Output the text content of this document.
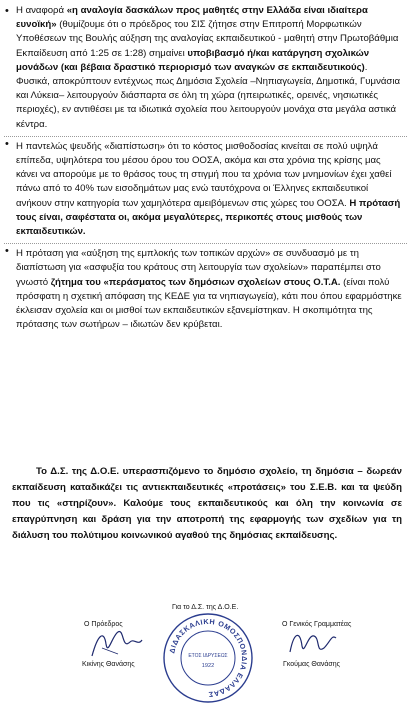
• Η αναφορά «η αναλογία δασκάλων προς μαθητές στην Ελλάδα είναι ιδιαίτερα ευνοϊκή» (θυμίζουμε ότι ο πρόεδρος του ΣΙΣ ζήτησε στην Επιτροπή Μορφωτικών Υποθέσεων της Βουλής αύξηση της αναλογίας εκπαιδευτικού - μαθητή στην Πρωτοβάθμια Εκπαίδευση από 1:25 σε 1:28) σημαίνει υποβιβασμό ή/και κατάργηση σχολικών μονάδων (και βέβαια δραστικό περιορισμό των αναγκών σε εκπαιδευτικούς). Φυσικά, αποκρύπτουν εντέχνως πως Δημόσια Σχολεία –Νηπιαγωγεία, Δημοτικά, Γυμνάσια και Λύκεια– λειτουργούν διάσπαρτα σε όλη τη χώρα (ηπειρωτικές, ορεινές, νησιωτικές περιοχές), εν αντιθέσει με τα ιδιωτικά σχολεία που λειτουργούν μονάχα στα μεγάλα αστικά κέντρα.
• Η παντελώς ψευδής «διαπίστωση» ότι το κόστος μισθοδοσίας κινείται σε πολύ υψηλά επίπεδα, υψηλότερα του μέσου όρου του ΟΟΣΑ, ακόμα και στα χρόνια της κρίσης μας κάνει να απορούμε με το θράσος τους τη στιγμή που τα χρόνια των μνημονίων έχει χαθεί πάνω από το 40% των εισοδημάτων μας ενώ ταυτόχρονα οι Έλληνες εκπαιδευτικοί ανήκουν στην κατηγορία των χαμηλότερα αμειβόμενων στις χώρες του ΟΟΣΑ. Η πρότασή τους είναι, σαφέστατα οι, ακόμα μεγαλύτερες, περικοπές στους μισθούς των εκπαιδευτικών.
• Η πρόταση για «αύξηση της εμπλοκής των τοπικών αρχών» σε συνδυασμό με τη διαπίστωση για «ασφυξία του κράτους στη λειτουργία των σχολείων» παραπέμπει στο γνωστό ζήτημα του «περάσματος των δημόσιων σχολείων στους Ο.Τ.Α. (είναι πολύ πρόσφατη η σχετική απόφαση της ΚΕΔΕ για τα νηπιαγωγεία), κάτι που όπου εφαρμόστηκε έκλεισαν σχολεία και οι μισθοί των εκπαιδευτικών εξανεμίστηκαν. Η σκοπιμότητα της πρότασης των σωτήρων – ιδιωτών δεν κρύβεται.
Το Δ.Σ. της Δ.Ο.Ε. υπερασπιζόμενο το δημόσιο σχολείο, τη δημόσια – δωρεάν εκπαίδευση καταδικάζει τις αντιεκπαιδευτικές «προτάσεις» του Σ.Ε.Β. και τα ψεύδη που τις «στηρίζουν». Καλούμε τους εκπαιδευτικούς και όλη την κοινωνία σε επαγρύπνηση και δράση για την αποτροπή της εφαρμογής των σχεδίων για τη διάλυση του πολύτιμου κοινωνικού αγαθού της δημόσιας εκπαίδευσης.
Για το Δ.Σ. της Δ.Ο.Ε.
Ο Πρόεδρος
Κικίνης Θανάσης
Ο Γενικός Γραμματέας
Γκούμας Θανάσης
ΔΙΔΑΣΚΑΛΙΚΗ ΟΜΟΣΠΟΝΔΙΑ ΕΛΛΑΔΑΣ
ΕΤΟΣ ΙΔΡΥΣΕΩΣ
1922
